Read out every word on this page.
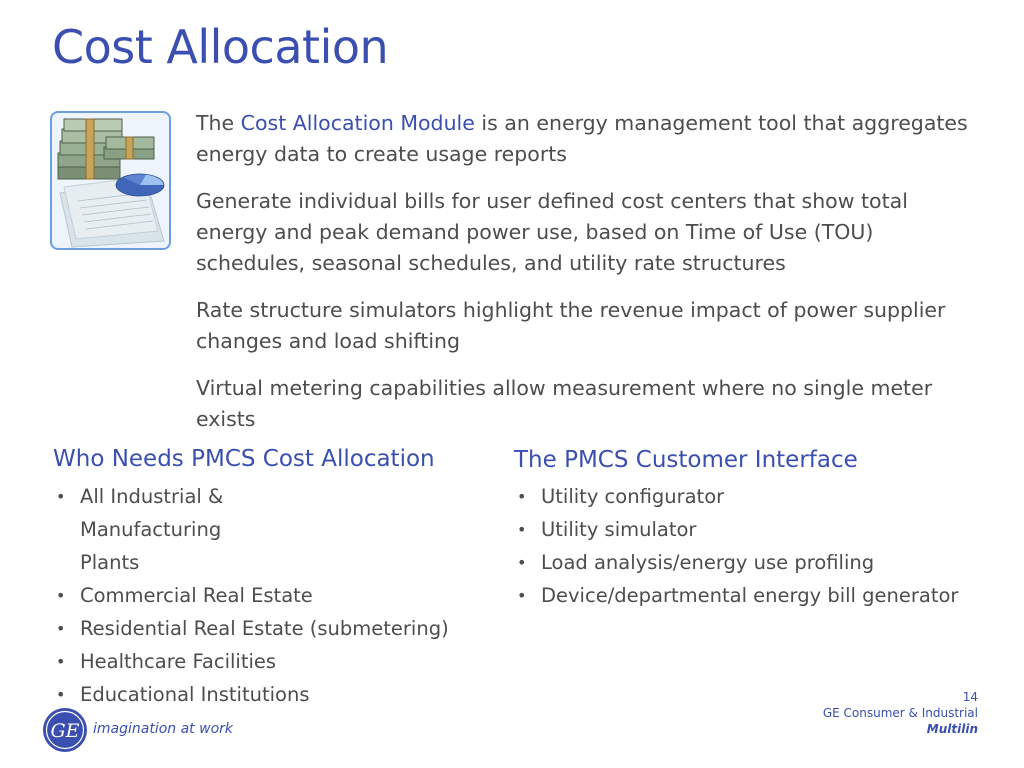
Cost Allocation

The Cost Allocation Module is an energy management tool that aggregates energy data to create usage reports

Generate individual bills for user defined cost centers that show total energy and peak demand power use, based on Time of Use (TOU) schedules, seasonal schedules, and utility rate structures

Rate structure simulators highlight the revenue impact of power supplier changes and load shifting

Virtual metering capabilities allow measurement where no single meter exists

Who Needs PMCS Cost Allocation
• All Industrial & Manufacturing Plants
• Commercial Real Estate
• Residential Real Estate (submetering)
• Healthcare Facilities
• Educational Institutions
The PMCS Customer Interface
• Utility configurator
• Utility simulator
• Load analysis/energy use profiling
• Device/departmental energy bill generator
GE imagination at work
14
GE Consumer & Industrial
Multilin
